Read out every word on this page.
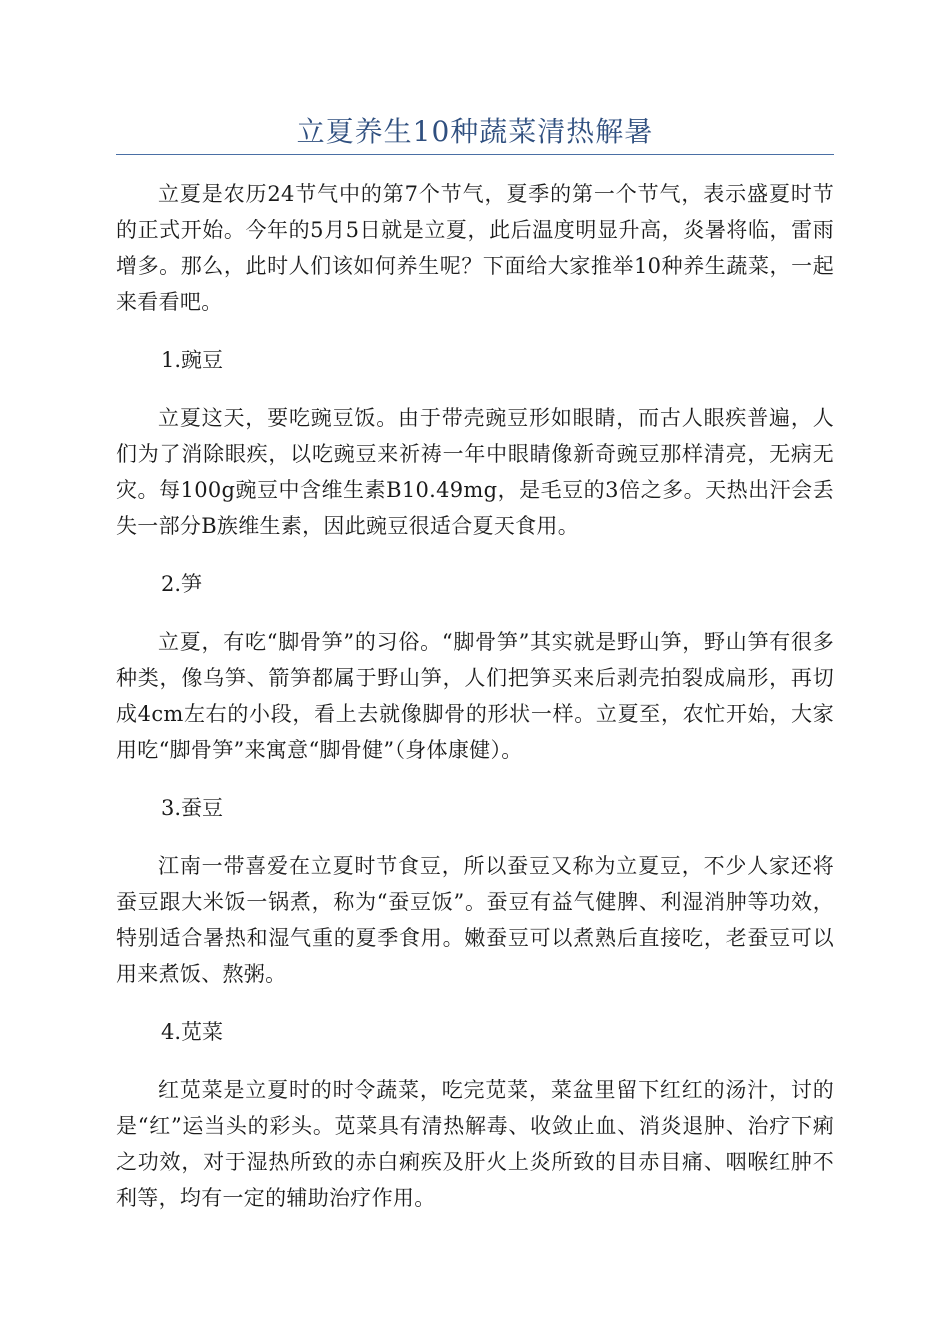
立夏养生10种蔬菜清热解暑

立夏是农历24节气中的第7个节气，夏季的第一个节气，表示盛夏时节的正式开始。今年的5月5日就是立夏，此后温度明显升高，炎暑将临，雷雨增多。那么，此时人们该如何养生呢？下面给大家推举10种养生蔬菜，一起来看看吧。

1.豌豆

立夏这天，要吃豌豆饭。由于带壳豌豆形如眼睛，而古人眼疾普遍，人们为了消除眼疾，以吃豌豆来祈祷一年中眼睛像新奇豌豆那样清亮，无病无灾。每100g豌豆中含维生素B10.49mg，是毛豆的3倍之多。天热出汗会丢失一部分B族维生素，因此豌豆很适合夏天食用。

2.笋

立夏，有吃“脚骨笋”的习俗。“脚骨笋”其实就是野山笋，野山笋有很多种类，像乌笋、箭笋都属于野山笋，人们把笋买来后剥壳拍裂成扁形，再切成4cm左右的小段，看上去就像脚骨的形状一样。立夏至，农忙开始，大家用吃“脚骨笋”来寓意“脚骨健”（身体康健）。

3.蚕豆

江南一带喜爱在立夏时节食豆，所以蚕豆又称为立夏豆，不少人家还将蚕豆跟大米饭一锅煮，称为“蚕豆饭”。蚕豆有益气健脾、利湿消肿等功效，特别适合暑热和湿气重的夏季食用。嫩蚕豆可以煮熟后直接吃，老蚕豆可以用来煮饭、熬粥。

4.苋菜

红苋菜是立夏时的时令蔬菜，吃完苋菜，菜盆里留下红红的汤汁，讨的是“红”运当头的彩头。苋菜具有清热解毒、收敛止血、消炎退肿、治疗下痢之功效，对于湿热所致的赤白痢疾及肝火上炎所致的目赤目痛、咽喉红肿不利等，均有一定的辅助治疗作用。
